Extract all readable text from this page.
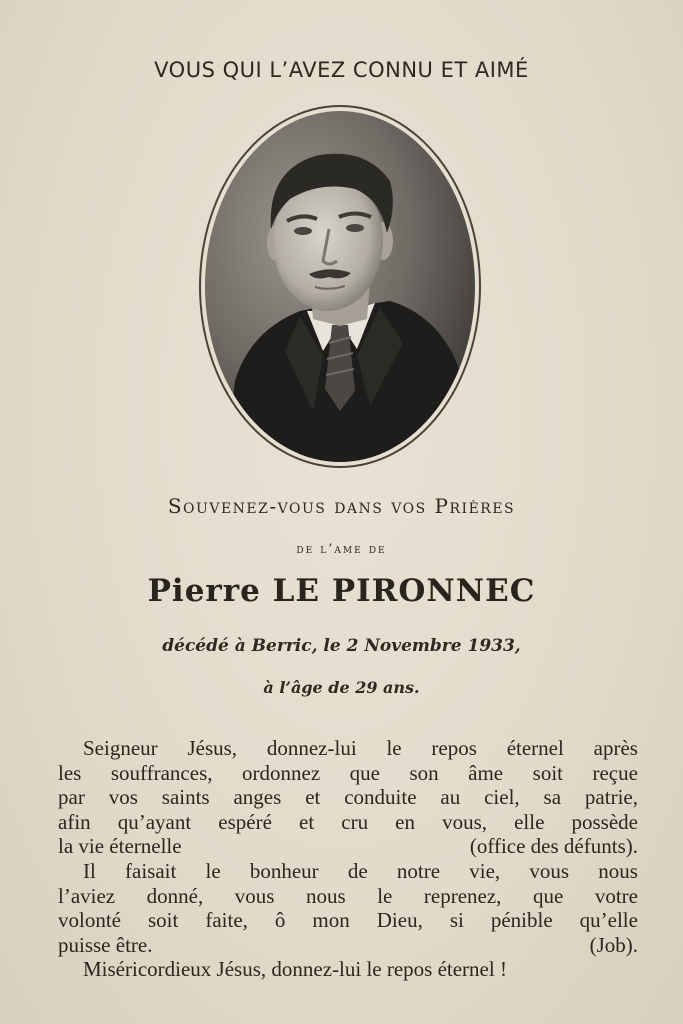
VOUS QUI L’AVEZ CONNU ET AIMÉ
Souvenez-vous dans vos Prières
de l’ame de
Pierre LE PIRONNEC
décédé à Berric, le 2 Novembre 1933,
à l’âge de 29 ans.
Seigneur Jésus, donnez-lui le repos éternel après
les souffrances, ordonnez que son âme soit reçue
par vos saints anges et conduite au ciel, sa patrie,
afin qu’ayant espéré et cru en vous, elle possède
la vie éternelle	(office des défunts).
Il faisait le bonheur de notre vie, vous nous
l’aviez donné, vous nous le reprenez, que votre
volonté soit faite, ô mon Dieu, si pénible qu’elle
puisse être.	(Job).
Miséricordieux Jésus, donnez-lui le repos éternel !
